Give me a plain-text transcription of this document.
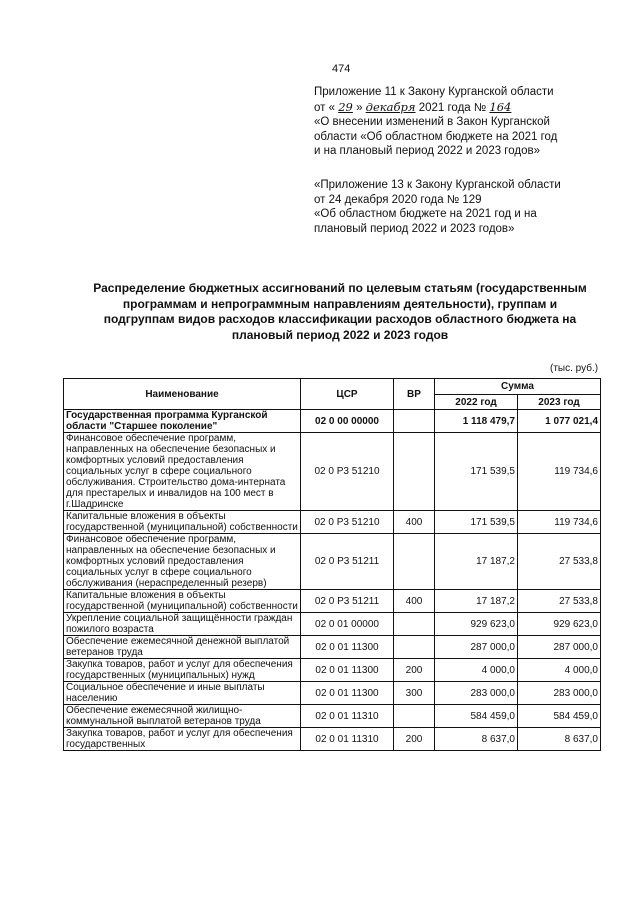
474
Приложение 11 к Закону Курганской области
от « 29 » декабря 2021 года № 164
«О внесении изменений в Закон Курганской
области «Об областном бюджете на 2021 год
и на плановый период 2022 и 2023 годов»
«Приложение 13 к Закону Курганской области
от 24 декабря 2020 года № 129
«Об областном бюджете на 2021 год и на
плановый период 2022 и 2023 годов»
Распределение бюджетных ассигнований по целевым статьям (государственным
программам и непрограммным направлениям деятельности), группам и
подгруппам видов расходов классификации расходов областного бюджета на
плановый период 2022 и 2023 годов
(тыс. руб.)
Наименование	ЦСР	ВР	Сумма	
			2022 год	2023 год
Государственная программа Курганской области "Старшее поколение"	02 0 00 00000		1 118 479,7	1 077 021,4
Финансовое обеспечение программ, направленных на обеспечение безопасных и комфортных условий предоставления социальных услуг в сфере социального обслуживания. Строительство дома-интерната для престарелых и инвалидов на 100 мест в г.Шадринске	02 0 P3 51210		171 539,5	119 734,6
Капитальные вложения в объекты государственной (муниципальной) собственности	02 0 P3 51210	400	171 539,5	119 734,6
Финансовое обеспечение программ, направленных на обеспечение безопасных и комфортных условий предоставления социальных услуг в сфере социального обслуживания (нераспределенный резерв)	02 0 P3 51211		17 187,2	27 533,8
Капитальные вложения в объекты государственной (муниципальной) собственности	02 0 P3 51211	400	17 187,2	27 533,8
Укрепление социальной защищённости граждан пожилого возраста	02 0 01 00000		929 623,0	929 623,0
Обеспечение ежемесячной денежной выплатой ветеранов труда	02 0 01 11300		287 000,0	287 000,0
Закупка товаров, работ и услуг для обеспечения государственных (муниципальных) нужд	02 0 01 11300	200	4 000,0	4 000,0
Социальное обеспечение и иные выплаты населению	02 0 01 11300	300	283 000,0	283 000,0
Обеспечение ежемесячной жилищно-коммунальной выплатой ветеранов труда	02 0 01 11310		584 459,0	584 459,0
Закупка товаров, работ и услуг для обеспечения государственных	02 0 01 11310	200	8 637,0	8 637,0
